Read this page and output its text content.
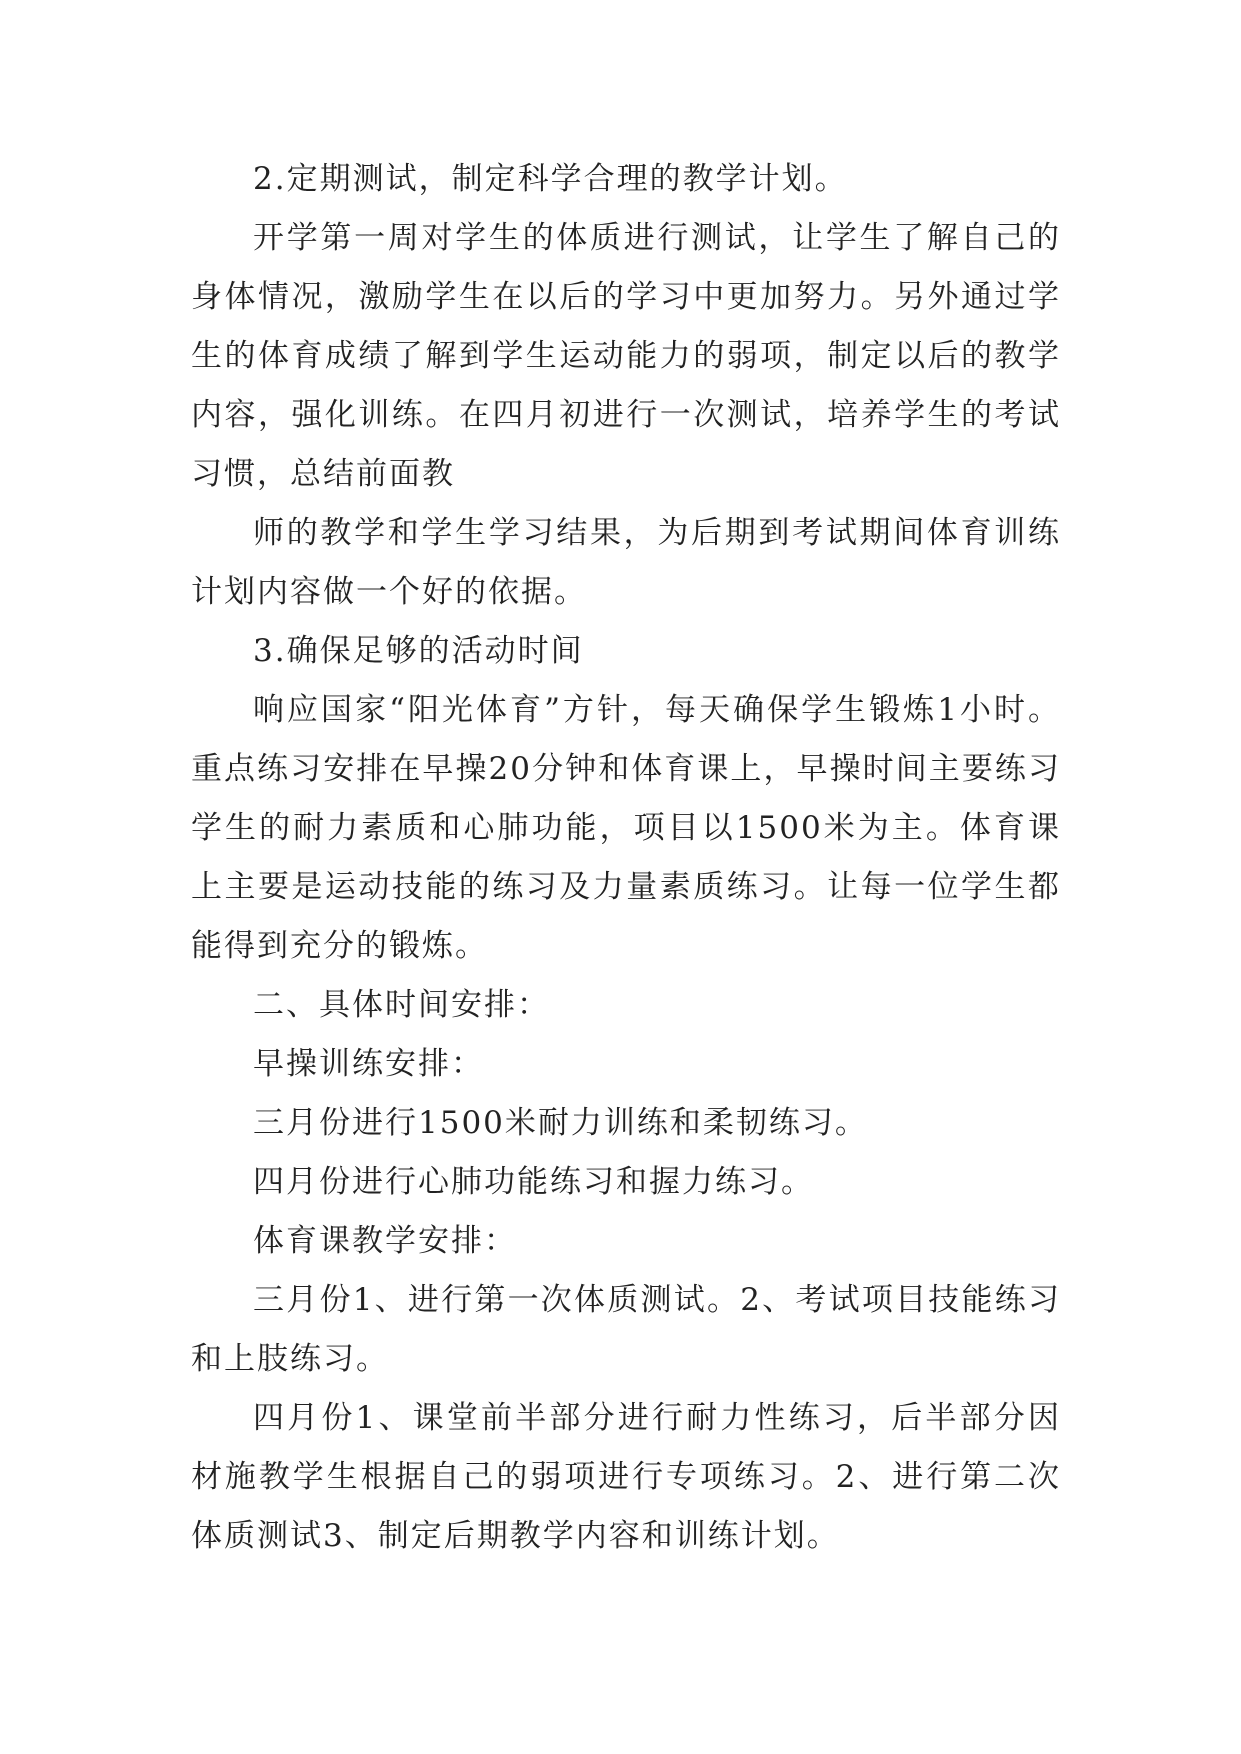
2.定期测试，制定科学合理的教学计划。

开学第一周对学生的体质进行测试，让学生了解自己的身体情况，激励学生在以后的学习中更加努力。另外通过学生的体育成绩了解到学生运动能力的弱项，制定以后的教学内容，强化训练。在四月初进行一次测试，培养学生的考试习惯，总结前面教

师的教学和学生学习结果，为后期到考试期间体育训练计划内容做一个好的依据。

3.确保足够的活动时间

响应国家“阳光体育”方针，每天确保学生锻炼1小时。重点练习安排在早操20分钟和体育课上，早操时间主要练习学生的耐力素质和心肺功能，项目以1500米为主。体育课上主要是运动技能的练习及力量素质练习。让每一位学生都能得到充分的锻炼。

二、具体时间安排：

早操训练安排：

三月份进行1500米耐力训练和柔韧练习。

四月份进行心肺功能练习和握力练习。

体育课教学安排：

三月份1、进行第一次体质测试。2、考试项目技能练习和上肢练习。

四月份1、课堂前半部分进行耐力性练习，后半部分因材施教学生根据自己的弱项进行专项练习。2、进行第二次体质测试3、制定后期教学内容和训练计划。
